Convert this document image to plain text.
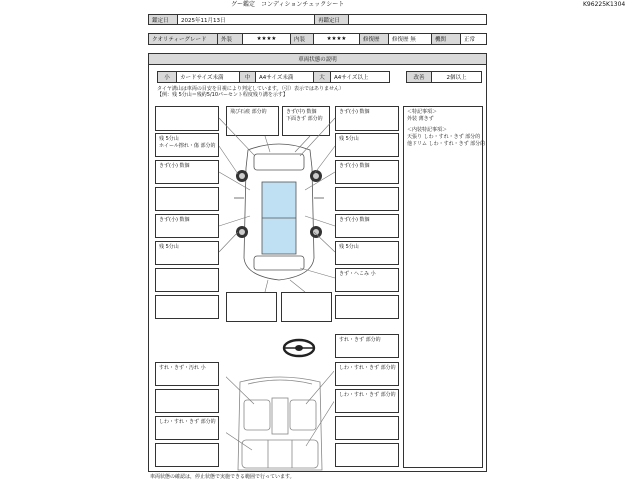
グー鑑定　コンディションチェックシート	K96225K1304
鑑定日	2025年11月13日	再鑑定日
クオリティーグレード	外装	★★★★	内装	★★★★	修復歴	修復歴 無	機関	正常
車両状態の説明
小	カードサイズ未満	中	A4サイズ未満	大	A4サイズ以上	改善	2個以上
タイヤ溝山は車両の目安を目視により判定しています。（引）表示ではありません）
【例：残 5分山＝残約5/10パーセント程度残り溝を示す】
＜特記事項＞
外装 薄きず
＜内装特記事項＞
天張り しわ・すれ・きず 部分的
他ドリム しわ・すれ・きず 部分的
飛び石痕 部分的	きず(中) 数個
下面きず 部分的
きず(小) 数個
残 5分山
ホイール擦れ・傷 部分的
残 5分山
きず(小) 数個	きず(小) 数個
きず(小) 数個	きず(小) 数個
残 5分山	残 5分山
きず・へこみ 小
すれ・きず 部分的
すれ・きず・汚れ 小	しわ・すれ・きず 部分的
しわ・すれ・きず 部分的
しわ・すれ・きず 部分的
車両状態の確認は，停止状態で実施できる範囲で行っています。
